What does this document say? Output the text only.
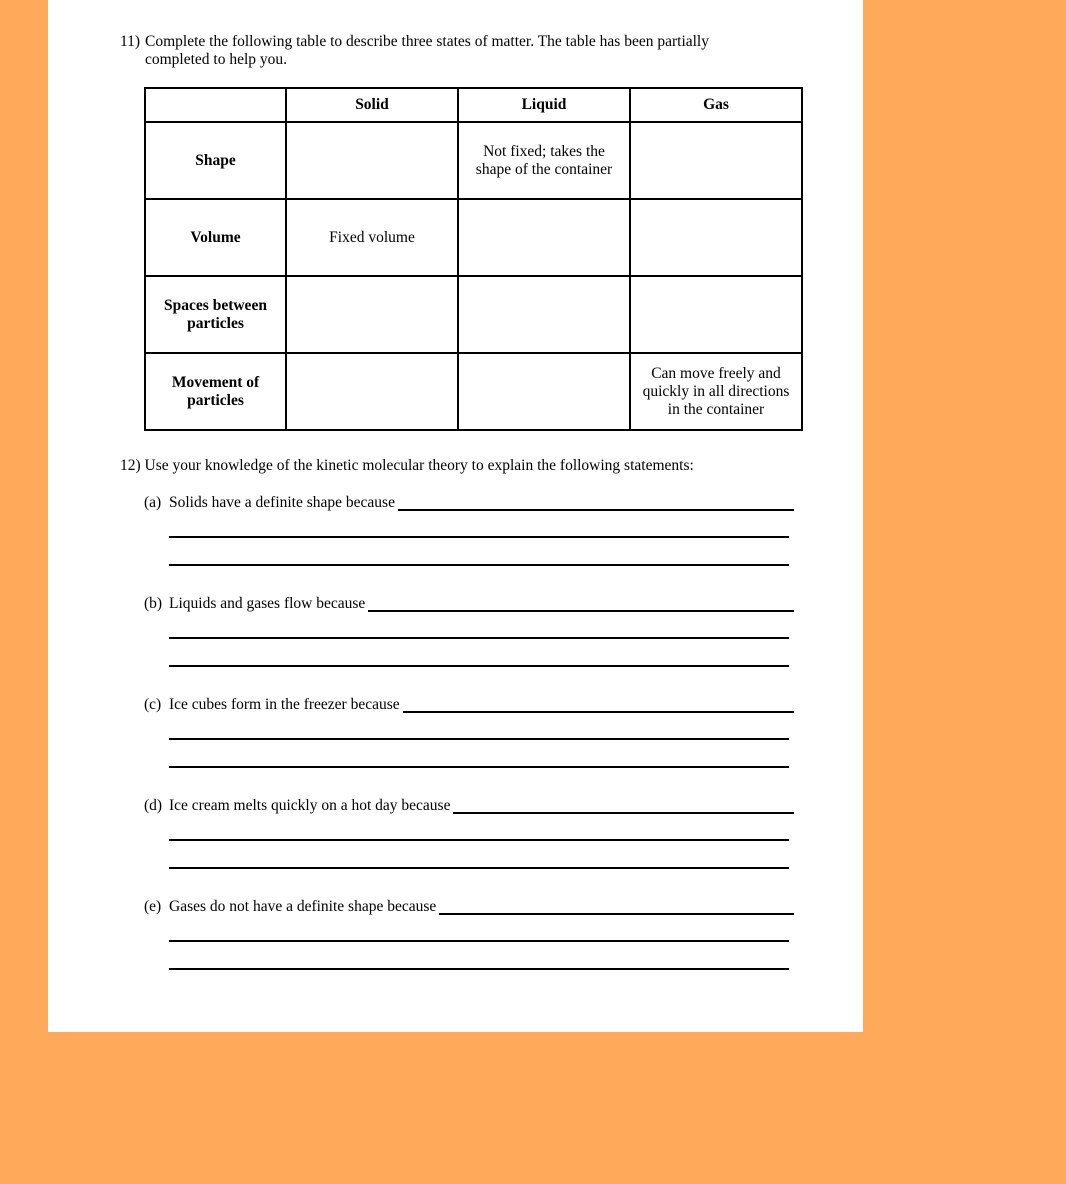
11) Complete the following table to describe three states of matter. The table has been partially
completed to help you.
	Solid	Liquid	Gas
Shape		Not fixed; takes the shape of the container	
Volume	Fixed volume		
Spaces between particles			
Movement of particles			Can move freely and quickly in all directions in the container
12) Use your knowledge of the kinetic molecular theory to explain the following statements:
(a) Solids have a definite shape because
(b) Liquids and gases flow because
(c) Ice cubes form in the freezer because
(d) Ice cream melts quickly on a hot day because
(e) Gases do not have a definite shape because
